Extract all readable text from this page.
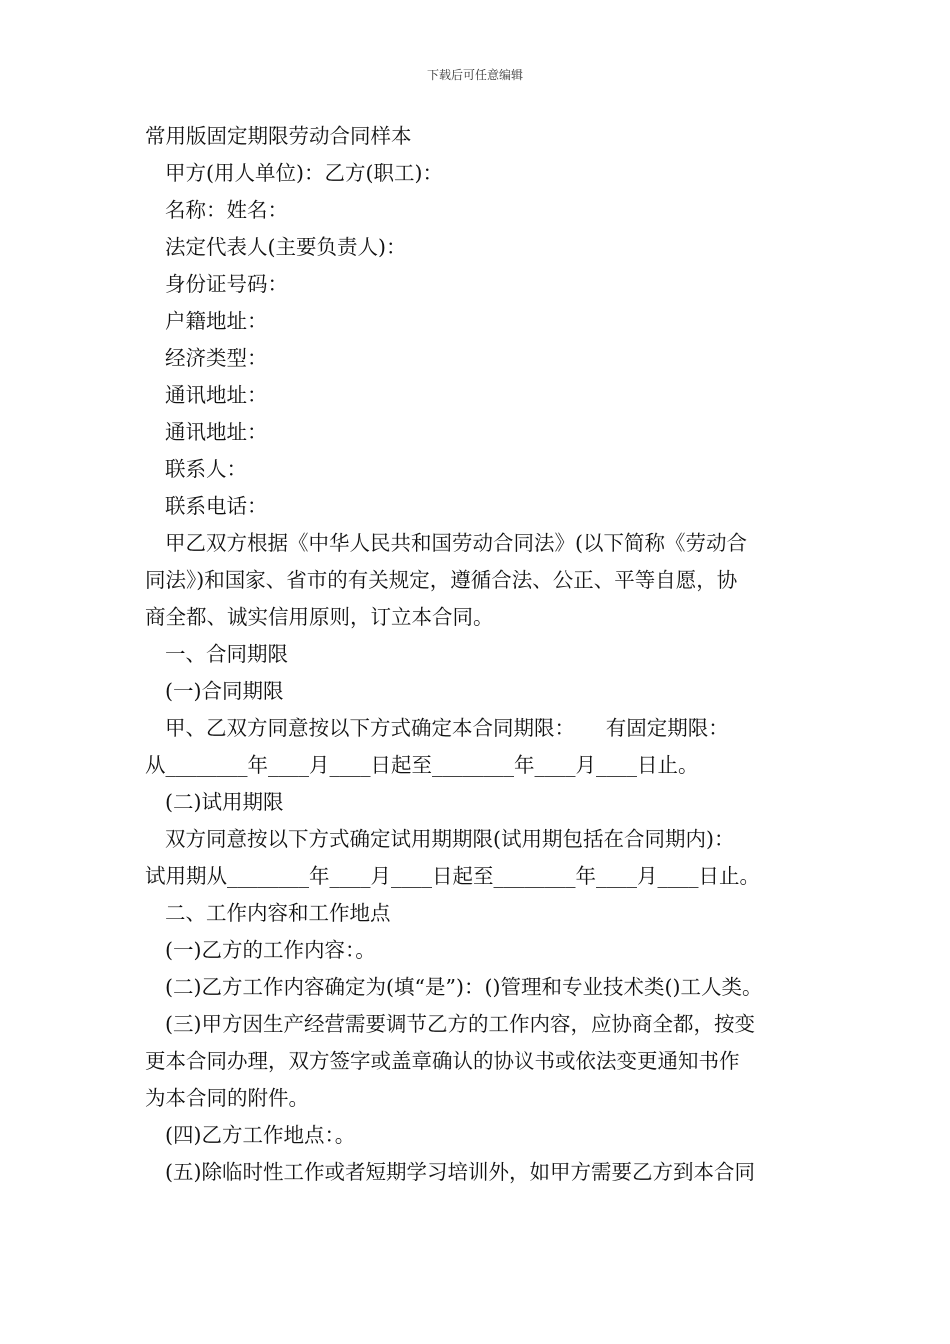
下载后可任意编辑
常用版固定期限劳动合同样本
甲方(用人单位)：乙方(职工)：
名称：姓名：
法定代表人(主要负责人)：
身份证号码：
户籍地址：
经济类型：
通讯地址：
通讯地址：
联系人：
联系电话：
甲乙双方根据《中华人民共和国劳动合同法》(以下简称《劳动合
同法》)和国家、省市的有关规定，遵循合法、公正、平等自愿，协
商全都、诚实信用原则，订立本合同。
一、合同期限
(一)合同期限
甲、乙双方同意按以下方式确定本合同期限：　　有固定期限：
从________年____月____日起至________年____月____日止。
(二)试用期限
双方同意按以下方式确定试用期期限(试用期包括在合同期内)：
试用期从________年____月____日起至________年____月____日止。
二、工作内容和工作地点
(一)乙方的工作内容：。
(二)乙方工作内容确定为(填“是”)：()管理和专业技术类()工人类。
(三)甲方因生产经营需要调节乙方的工作内容，应协商全都，按变
更本合同办理，双方签字或盖章确认的协议书或依法变更通知书作
为本合同的附件。
(四)乙方工作地点：。
(五)除临时性工作或者短期学习培训外，如甲方需要乙方到本合同
